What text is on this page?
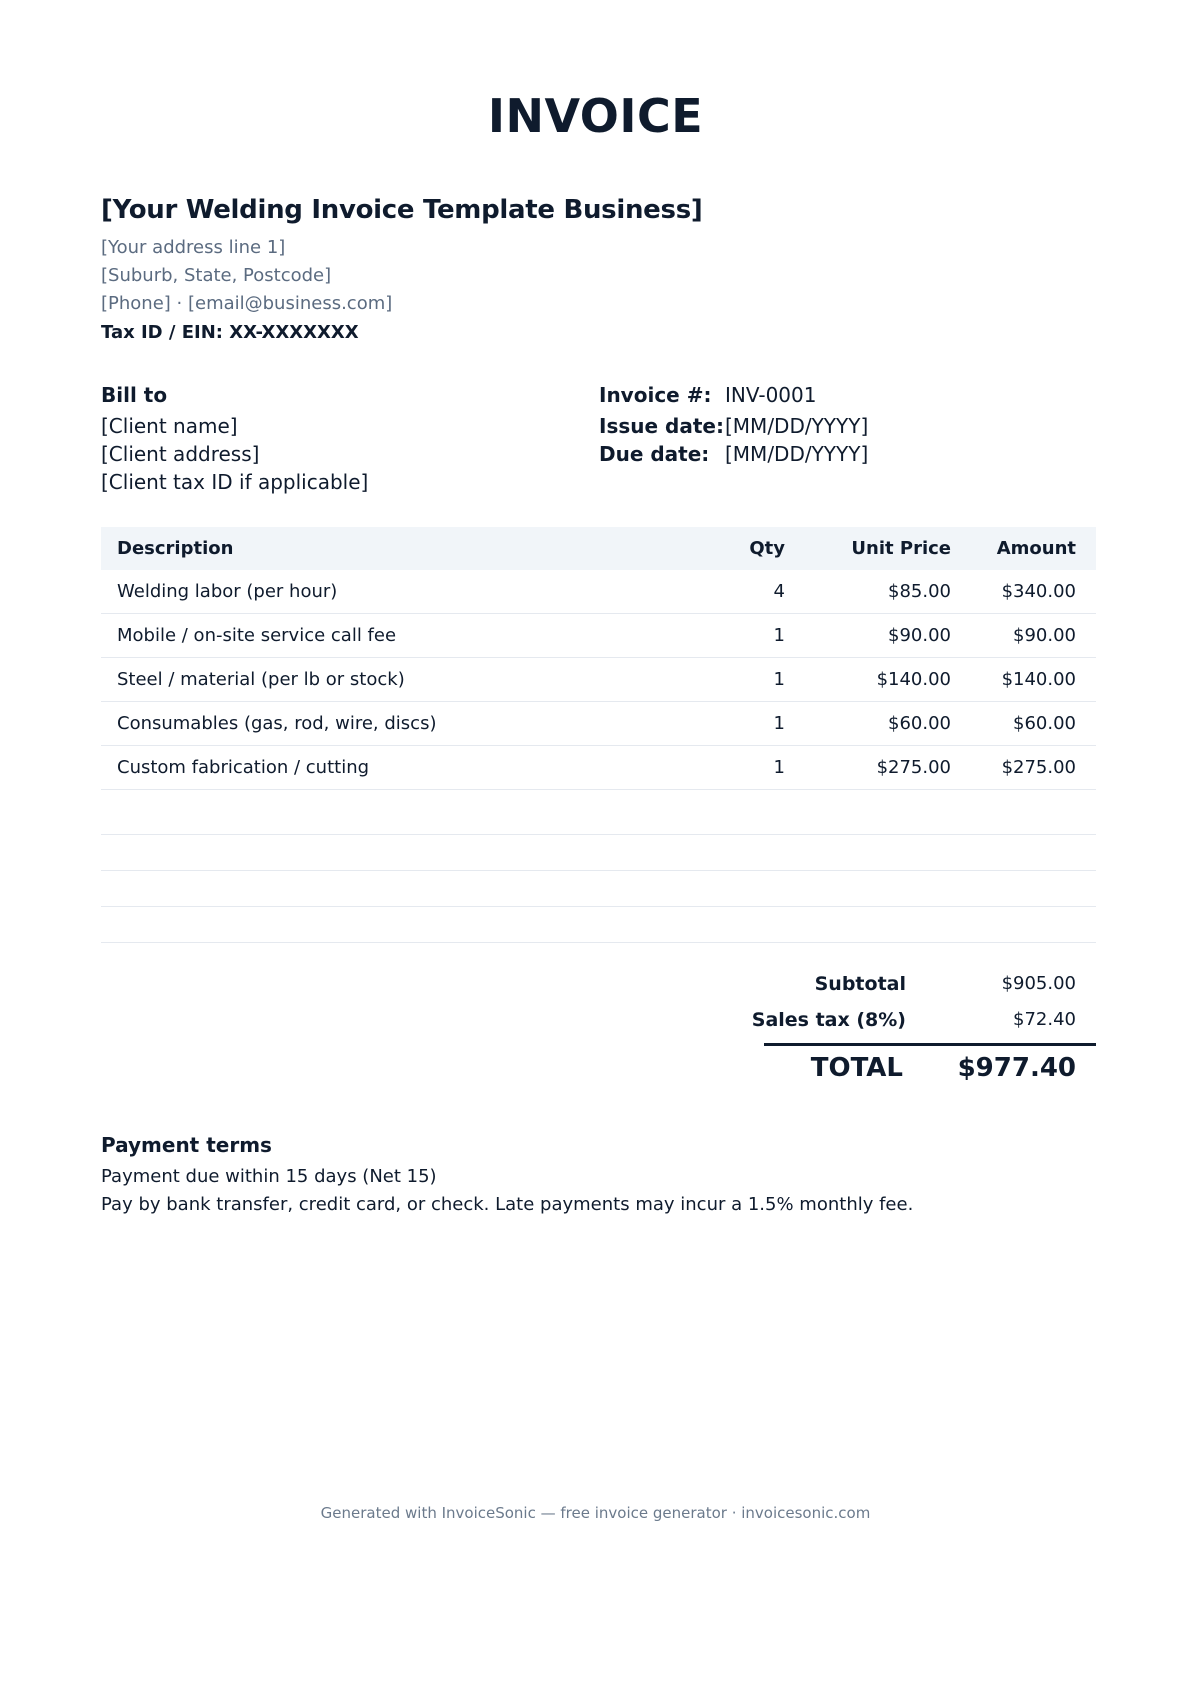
INVOICE
[Your Welding Invoice Template Business]
[Your address line 1]
[Suburb, State, Postcode]
[Phone] · [email@business.com]
Tax ID / EIN: XX-XXXXXXX
Bill to
[Client name]
[Client address]
[Client tax ID if applicable]
Invoice #: INV-0001
Issue date: [MM/DD/YYYY]
Due date: [MM/DD/YYYY]
Description	Qty	Unit Price	Amount
Welding labor (per hour)	4	$85.00	$340.00
Mobile / on-site service call fee	1	$90.00	$90.00
Steel / material (per lb or stock)	1	$140.00	$140.00
Consumables (gas, rod, wire, discs)	1	$60.00	$60.00
Custom fabrication / cutting	1	$275.00	$275.00
Subtotal	$905.00
Sales tax (8%)	$72.40
TOTAL $977.40
Payment terms
Payment due within 15 days (Net 15)
Pay by bank transfer, credit card, or check. Late payments may incur a 1.5% monthly fee.
Generated with InvoiceSonic — free invoice generator · invoicesonic.com
